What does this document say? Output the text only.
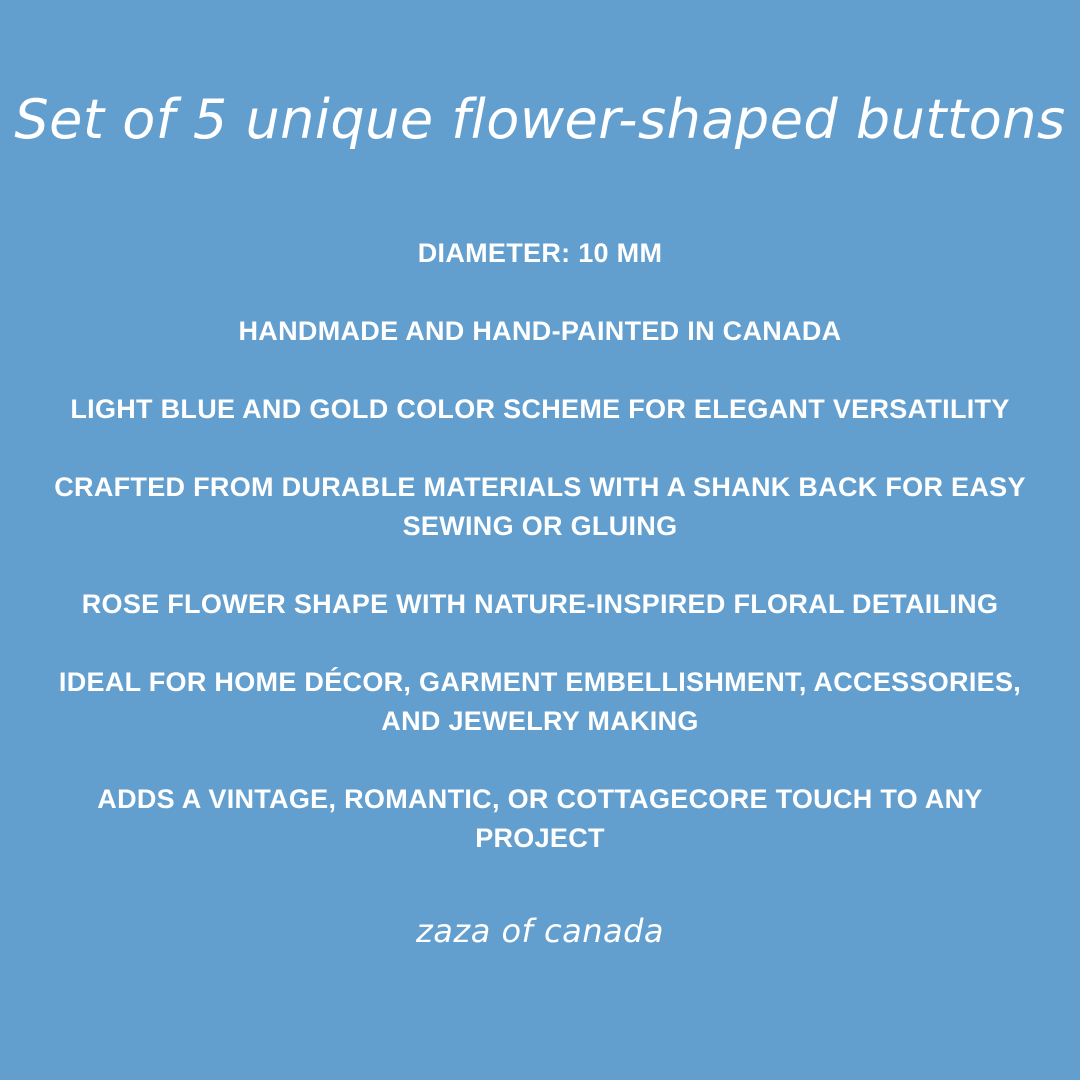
Set of 5 unique flower-shaped buttons
DIAMETER: 10 MM
HANDMADE AND HAND-PAINTED IN CANADA
LIGHT BLUE AND GOLD COLOR SCHEME FOR ELEGANT VERSATILITY
CRAFTED FROM DURABLE MATERIALS WITH A SHANK BACK FOR EASY SEWING OR GLUING
ROSE FLOWER SHAPE WITH NATURE-INSPIRED FLORAL DETAILING
IDEAL FOR HOME DÉCOR, GARMENT EMBELLISHMENT, ACCESSORIES, AND JEWELRY MAKING
ADDS A VINTAGE, ROMANTIC, OR COTTAGECORE TOUCH TO ANY PROJECT

zaza of canada
